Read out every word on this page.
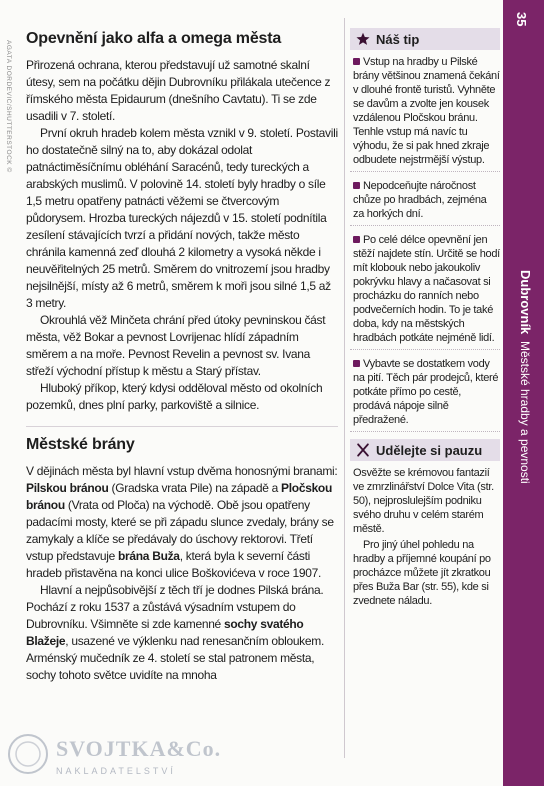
AGATA DORDEVIC/SHUTTERSTOCK ©
Opevnění jako alfa a omega města

Přirozená ochrana, kterou představují už samotné skalní útesy, sem na počátku dějin Dubrovníku přilákala utečence z římského města Epidaurum (dnešního Cavtatu). Ti se zde usadili v 7. století.

První okruh hradeb kolem města vznikl v 9. století. Postavili ho dostatečně silný na to, aby dokázal odolat patnáctiměsíčnímu obléhání Saracénů, tedy tureckých a arabských muslimů. V polovině 14. století byly hradby o síle 1,5 metru opatřeny patnácti věžemi se čtvercovým půdorysem. Hrozba tureckých nájezdů v 15. století podnítila zesílení stávajících tvrzí a přidání nových, takže město chránila kamenná zeď dlouhá 2 kilometry a vysoká někde i neuvěřitelných 25 metrů. Směrem do vnitrozemí jsou hradby nejsilnější, místy až 6 metrů, směrem k moři jsou silné 1,5 až 3 metry.

Okrouhlá věž Minčeta chrání před útoky pevninskou část města, věž Bokar a pevnost Lovrijenac hlídí západním směrem a na moře. Pevnost Revelin a pevnost sv. Ivana střeží východní přístup k městu a Starý přístav.

Hluboký příkop, který kdysi odděloval město od okolních pozemků, dnes plní parky, parkoviště a silnice.

Městské brány

V dějinách města byl hlavní vstup dvěma honosnými branami: Pilskou bránou (Gradska vrata Pile) na západě a Pločskou bránou (Vrata od Ploča) na východě. Obě jsou opatřeny padacími mosty, které se při západu slunce zvedaly, brány se zamykaly a klíče se předávaly do úschovy rektorovi. Třetí vstup představuje brána Buža, která byla k severní části hradeb přistavěna na konci ulice Boškovićeva v roce 1907.

Hlavní a nejpůsobivější z těch tří je dodnes Pilská brána. Pochází z roku 1537 a zůstává výsadním vstupem do Dubrovníku. Všimněte si zde kamenné sochy svatého Blažeje, usazené ve výklenku nad renesančním obloukem. Arménský mučedník ze 4. století se stal patronem města, sochy tohoto světce uvidíte na mnoha

Náš tip
Vstup na hradby u Pilské brány většinou znamená čekání v dlouhé frontě turistů. Vyhněte se davům a zvolte jen kousek vzdálenou Pločskou bránu. Tenhle vstup má navíc tu výhodu, že si pak hned zkraje odbudete nejstrmější výstup.
Nepodceňujte náročnost chůze po hradbách, zejména za horkých dní.
Po celé délce opevnění jen stěží najdete stín. Určitě se hodí mít klobouk nebo jakoukoliv pokrývku hlavy a načasovat si procházku do ranních nebo podvečerních hodin. To je také doba, kdy na městských hradbách potkáte nejméně lidí.
Vybavte se dostatkem vody na pití. Těch pár prodejců, které potkáte přímo po cestě, prodává nápoje silně předražené.
Udělejte si pauzu

Osvěžte se krémovou fantazií ve zmrzlinářství Dolce Vita (str. 50), nejproslulejším podniku svého druhu v celém starém městě.

Pro jiný úhel pohledu na hradby a příjemné koupání po procházce můžete jít zkratkou přes Buža Bar (str. 55), kde si zvednete náladu.

35
Dubrovník  Městské hradby a pevnosti
SVOJTKA&Co.
NAKLADATELSTVÍ
